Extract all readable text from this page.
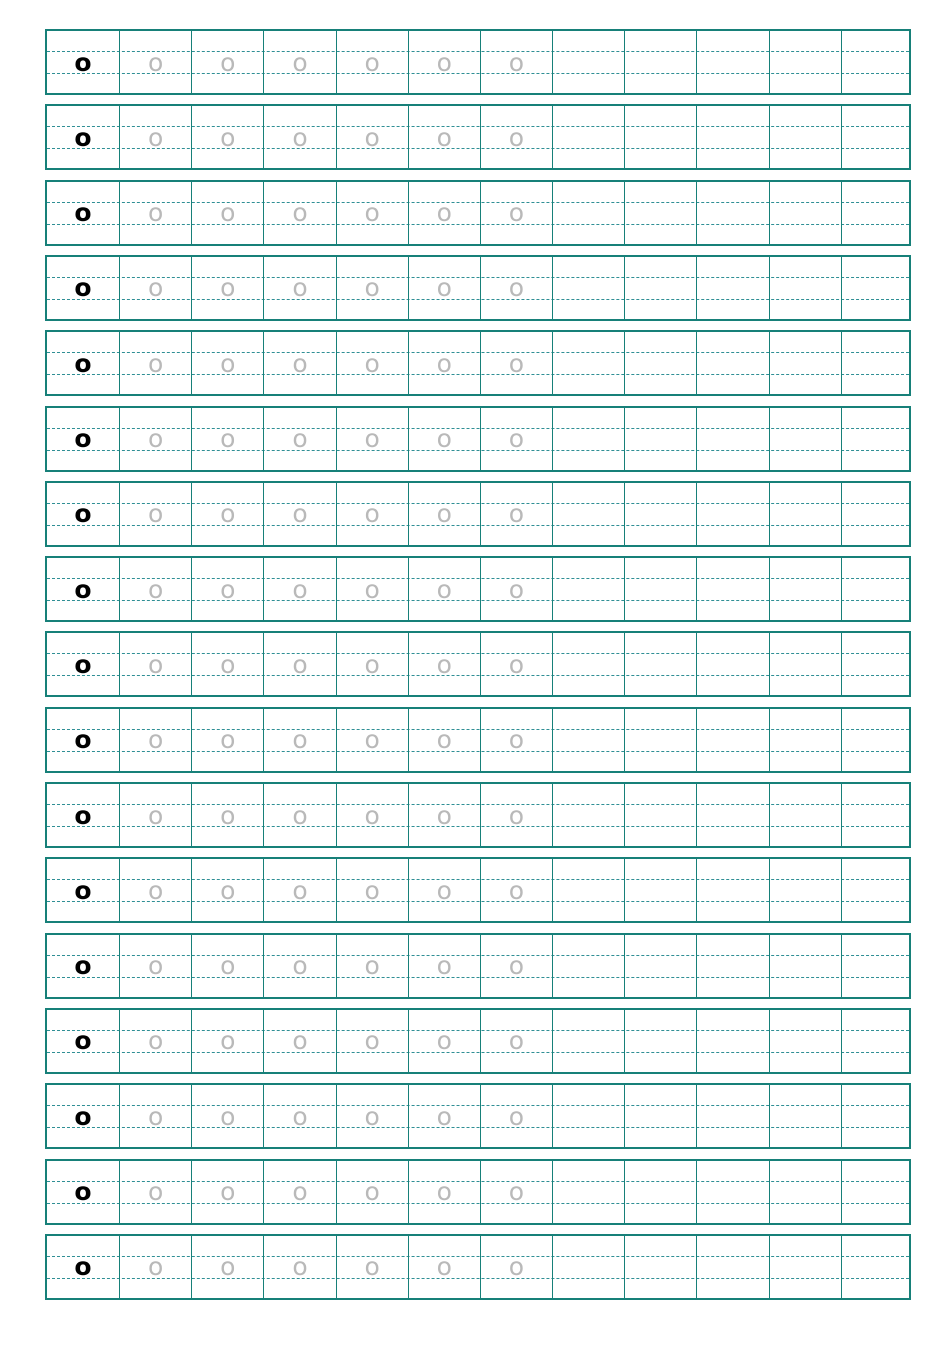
o o o o o o o
o o o o o o o
o o o o o o o
o o o o o o o
o o o o o o o
o o o o o o o
o o o o o o o
o o o o o o o
o o o o o o o
o o o o o o o
o o o o o o o
o o o o o o o
o o o o o o o
o o o o o o o
o o o o o o o
o o o o o o o
o o o o o o o
